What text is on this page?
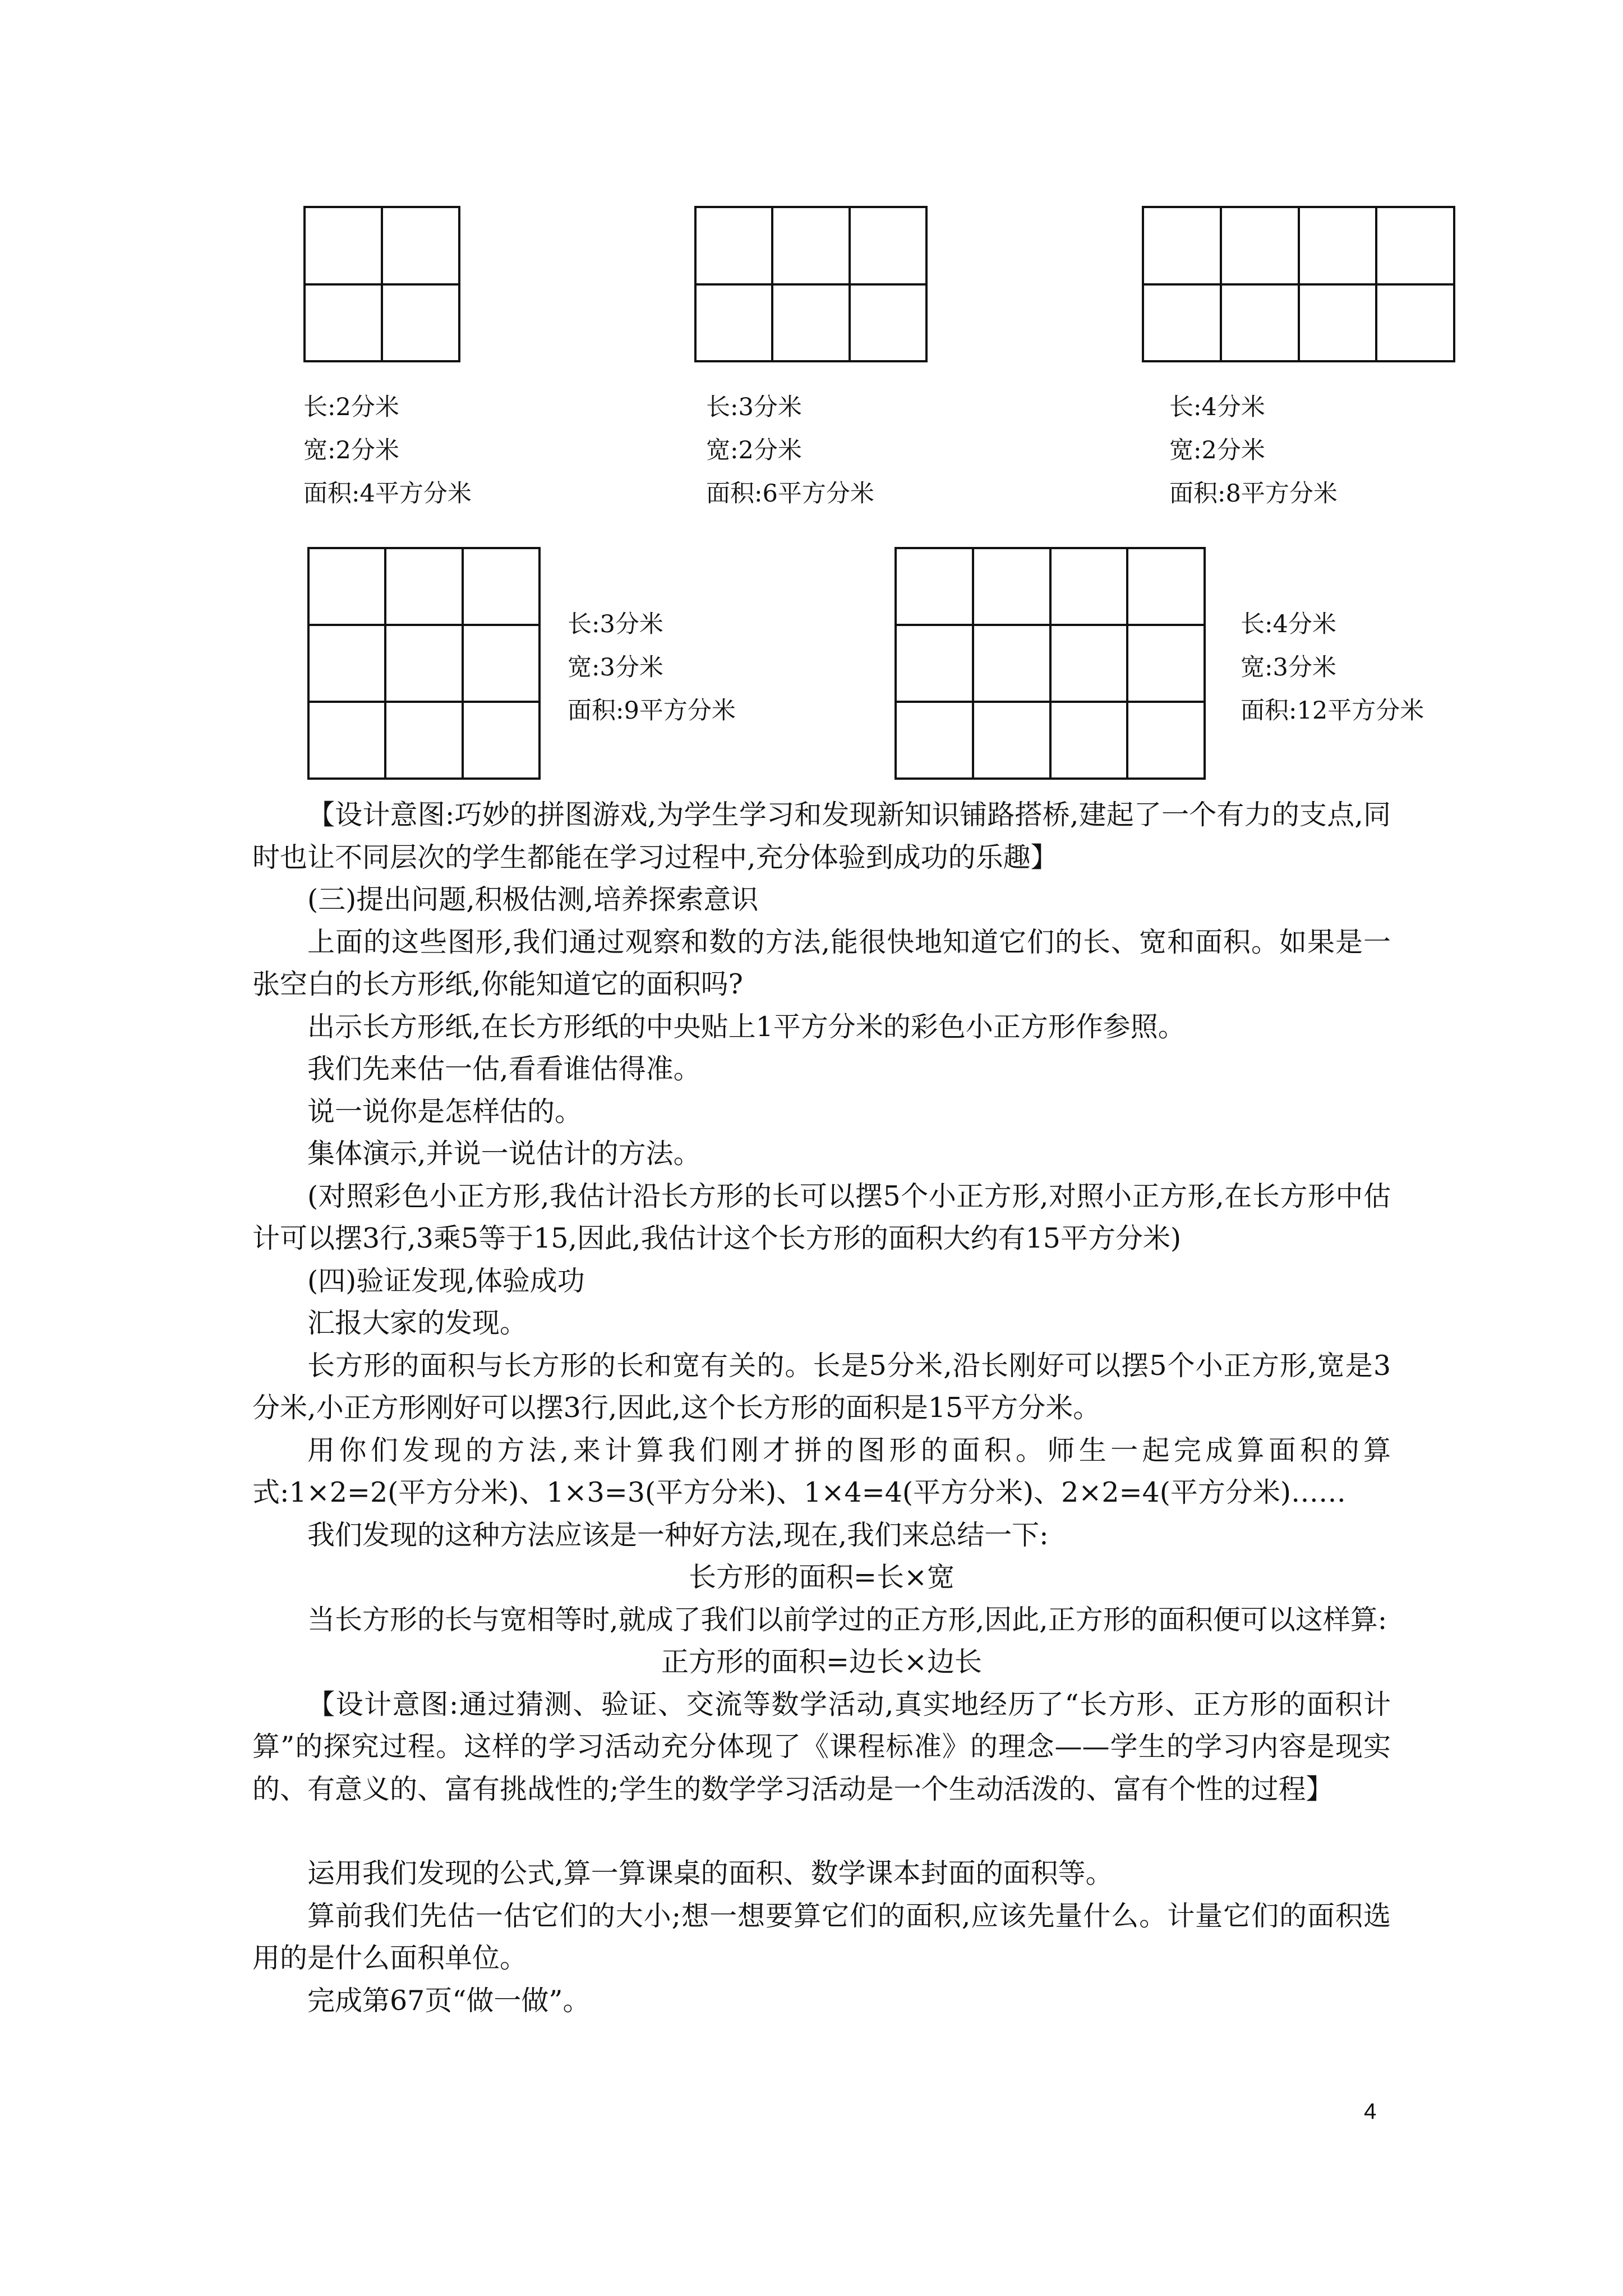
长:2分米
宽:2分米
面积:4平方分米
长:3分米
宽:2分米
面积:6平方分米
长:4分米
宽:2分米
面积:8平方分米
长:3分米
宽:3分米
面积:9平方分米
长:4分米
宽:3分米
面积:12平方分米

【设计意图:巧妙的拼图游戏,为学生学习和发现新知识铺路搭桥,建起了一个有力的支点,同时也让不同层次的学生都能在学习过程中,充分体验到成功的乐趣】

(三)提出问题,积极估测,培养探索意识

上面的这些图形,我们通过观察和数的方法,能很快地知道它们的长、宽和面积。如果是一张空白的长方形纸,你能知道它的面积吗?

出示长方形纸,在长方形纸的中央贴上1平方分米的彩色小正方形作参照。

我们先来估一估,看看谁估得准。

说一说你是怎样估的。

集体演示,并说一说估计的方法。

(对照彩色小正方形,我估计沿长方形的长可以摆5个小正方形,对照小正方形,在长方形中估计可以摆3行,3乘5等于15,因此,我估计这个长方形的面积大约有15平方分米)

(四)验证发现,体验成功

汇报大家的发现。

长方形的面积与长方形的长和宽有关的。长是5分米,沿长刚好可以摆5个小正方形,宽是3分米,小正方形刚好可以摆3行,因此,这个长方形的面积是15平方分米。

用你们发现的方法,来计算我们刚才拼的图形的面积。师生一起完成算面积的算式:1×2=2(平方分米)、1×3=3(平方分米)、1×4=4(平方分米)、2×2=4(平方分米)……

我们发现的这种方法应该是一种好方法,现在,我们来总结一下:

长方形的面积=长×宽

当长方形的长与宽相等时,就成了我们以前学过的正方形,因此,正方形的面积便可以这样算:

正方形的面积=边长×边长

【设计意图:通过猜测、验证、交流等数学活动,真实地经历了“长方形、正方形的面积计算”的探究过程。这样的学习活动充分体现了《课程标准》的理念——学生的学习内容是现实的、有意义的、富有挑战性的;学生的数学学习活动是一个生动活泼的、富有个性的过程】

运用我们发现的公式,算一算课桌的面积、数学课本封面的面积等。

算前我们先估一估它们的大小;想一想要算它们的面积,应该先量什么。计量它们的面积选用的是什么面积单位。

完成第67页“做一做”。

4
